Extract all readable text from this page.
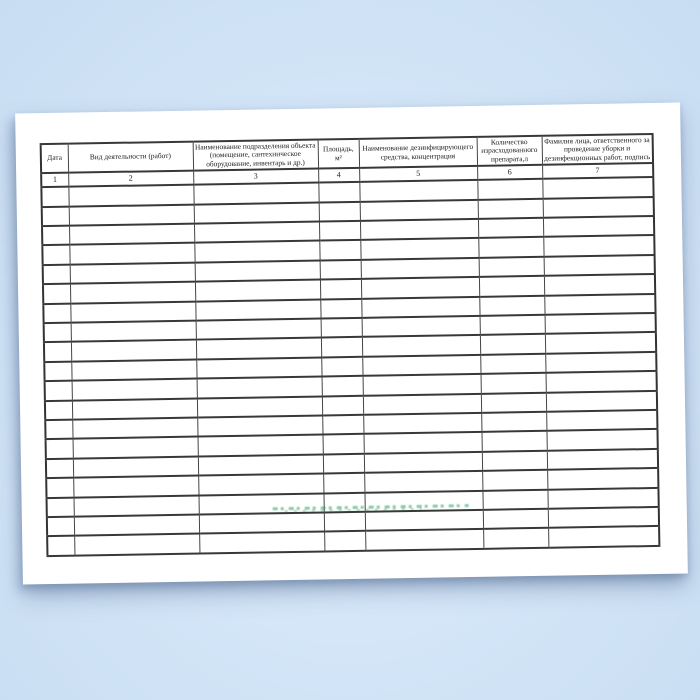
Дата	Вид деятельности (работ)	Наименование подразделения объекта (помещение, сантехническое оборудование, инвентарь и др.)	Площадь, м²	Наименование дезинфицирующего средства, концентрация	Количество израсходованного препарата,л	Фамилия лица, ответственного за проведение уборки и дезинфекционных работ, подпись
1	2	3	4	5	6	7
